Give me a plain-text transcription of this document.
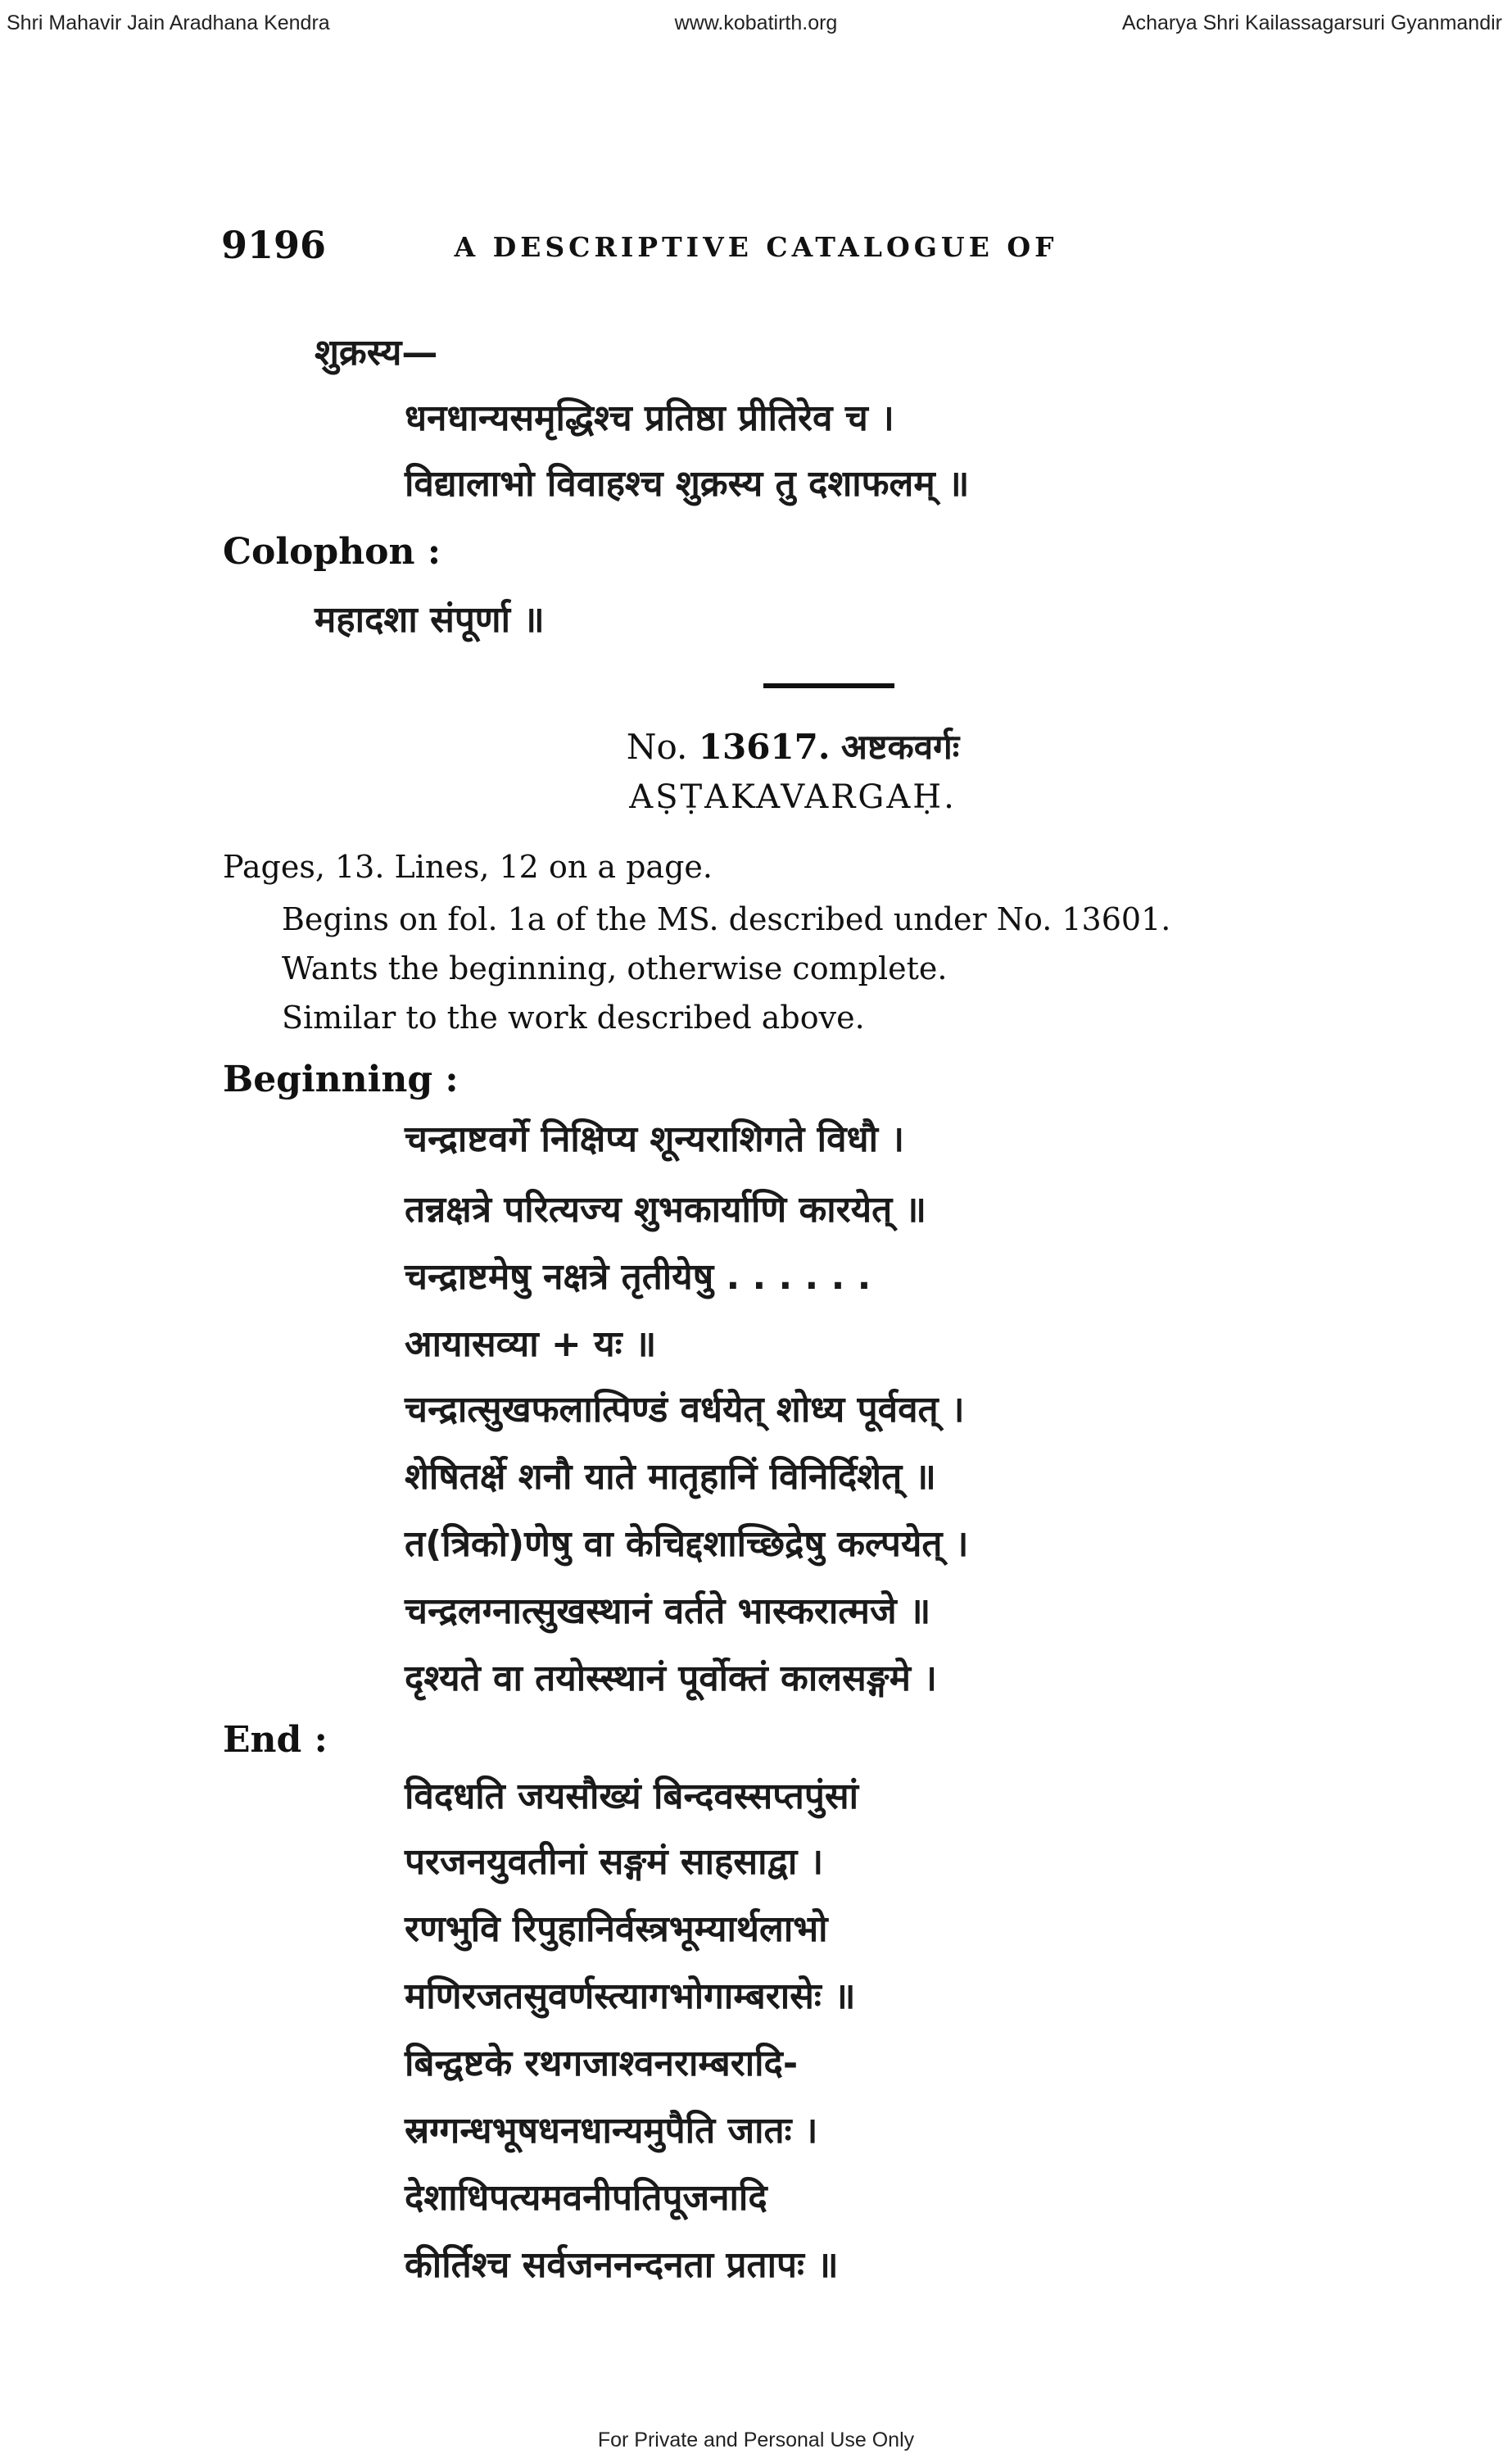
Shri Mahavir Jain Aradhana Kendra	www.kobatirth.org	Acharya Shri Kailassagarsuri Gyanmandir
9196	A DESCRIPTIVE CATALOGUE OF
शुक्रस्य—
धनधान्यसमृद्धिश्च प्रतिष्ठा प्रीतिरेव च ।
विद्यालाभो विवाहश्च शुक्रस्य तु दशाफलम् ॥
Colophon :
महादशा संपूर्णा ॥
No. 13617. अष्टकवर्गः
AṢṬAKAVARGAḤ.
Pages, 13. Lines, 12 on a page.
Begins on fol. 1a of the MS. described under No. 13601.
Wants the beginning, otherwise complete.
Similar to the work described above.
Beginning :
चन्द्राष्टवर्गे निक्षिप्य शून्यराशिगते विधौ ।
तन्नक्षत्रे परित्यज्य शुभकार्याणि कारयेत् ॥
चन्द्राष्टमेषु नक्षत्रे तृतीयेषु . . . . . .
आयासव्या + यः ॥
चन्द्रात्सुखफलात्पिण्डं वर्धयेत् शोध्य पूर्ववत् ।
शेषितर्क्षे शनौ याते मातृहानिं विनिर्दिशेत् ॥
त(त्रिको)णेषु वा केचिद्दशाच्छिद्रेषु कल्पयेत् ।
चन्द्रलग्नात्सुखस्थानं वर्तते भास्करात्मजे ॥
दृश्यते वा तयोस्स्थानं पूर्वोक्तं कालसङ्गमे ।
End :
विदधति जयसौख्यं बिन्दवस्सप्तपुंसां
परजनयुवतीनां सङ्गमं साहसाद्वा ।
रणभुवि रिपुहानिर्वस्त्रभूम्यार्थलाभो
मणिरजतसुवर्णस्त्यागभोगाम्बरासेः ॥
बिन्द्वष्टके रथगजाश्वनराम्बरादि-
स्रग्गन्धभूषधनधान्यमुपैति जातः ।
देशाधिपत्यमवनीपतिपूजनादि
कीर्तिश्च सर्वजननन्दनता प्रतापः ॥
For Private and Personal Use Only
